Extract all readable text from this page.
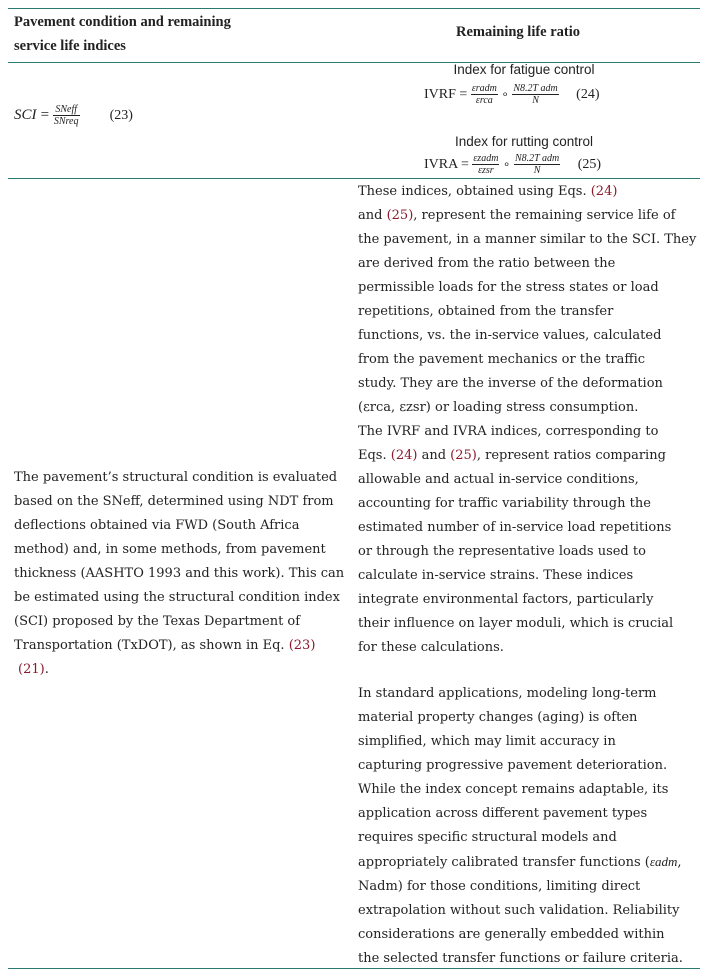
Pavement condition and remaining
service life indices
Remaining life ratio
SCI = $\frac{\text{SNeff}}{\text{SNreq}} (23)$
Index for fatigue control
IVRF = $\frac{\text{εradm}}{\text{εrca}}$ ∘ $\frac{\text{N8.2T adm}}{N} (24)$
Index for rutting control
IVRA = $\frac{\text{εzadm}}{\text{εzsr}}$ ∘ $\frac{\text{N8.2T adm}}{N} (25)$

The pavement’s structural condition is evaluated

based on the SNeff, determined using NDT from

deflections obtained via FWD (South Africa

method) and, in some methods, from pavement

thickness (AASHTO 1993 and this work). This can

be estimated using the structural condition index

(SCI) proposed by the Texas Department of

Transportation (TxDOT), as shown in Eq. (23)

(21).

These indices, obtained using Eqs. (24)

and (25), represent the remaining service life of

the pavement, in a manner similar to the SCI. They

are derived from the ratio between the

permissible loads for the stress states or load

repetitions, obtained from the transfer

functions, vs. the in-service values, calculated

from the pavement mechanics or the traffic

study. They are the inverse of the deformation

(εrca, εzsr) or loading stress consumption.

The IVRF and IVRA indices, corresponding to

Eqs. (24) and (25), represent ratios comparing

allowable and actual in-service conditions,

accounting for traffic variability through the

estimated number of in-service load repetitions

or through the representative loads used to

calculate in-service strains. These indices

integrate environmental factors, particularly

their influence on layer moduli, which is crucial

for these calculations.

In standard applications, modeling long-term

material property changes (aging) is often

simplified, which may limit accuracy in

capturing progressive pavement deterioration.

While the index concept remains adaptable, its

application across different pavement types

requires specific structural models and

appropriately calibrated transfer functions (εadm,

Nadm) for those conditions, limiting direct

extrapolation without such validation. Reliability

considerations are generally embedded within

the selected transfer functions or failure criteria.
